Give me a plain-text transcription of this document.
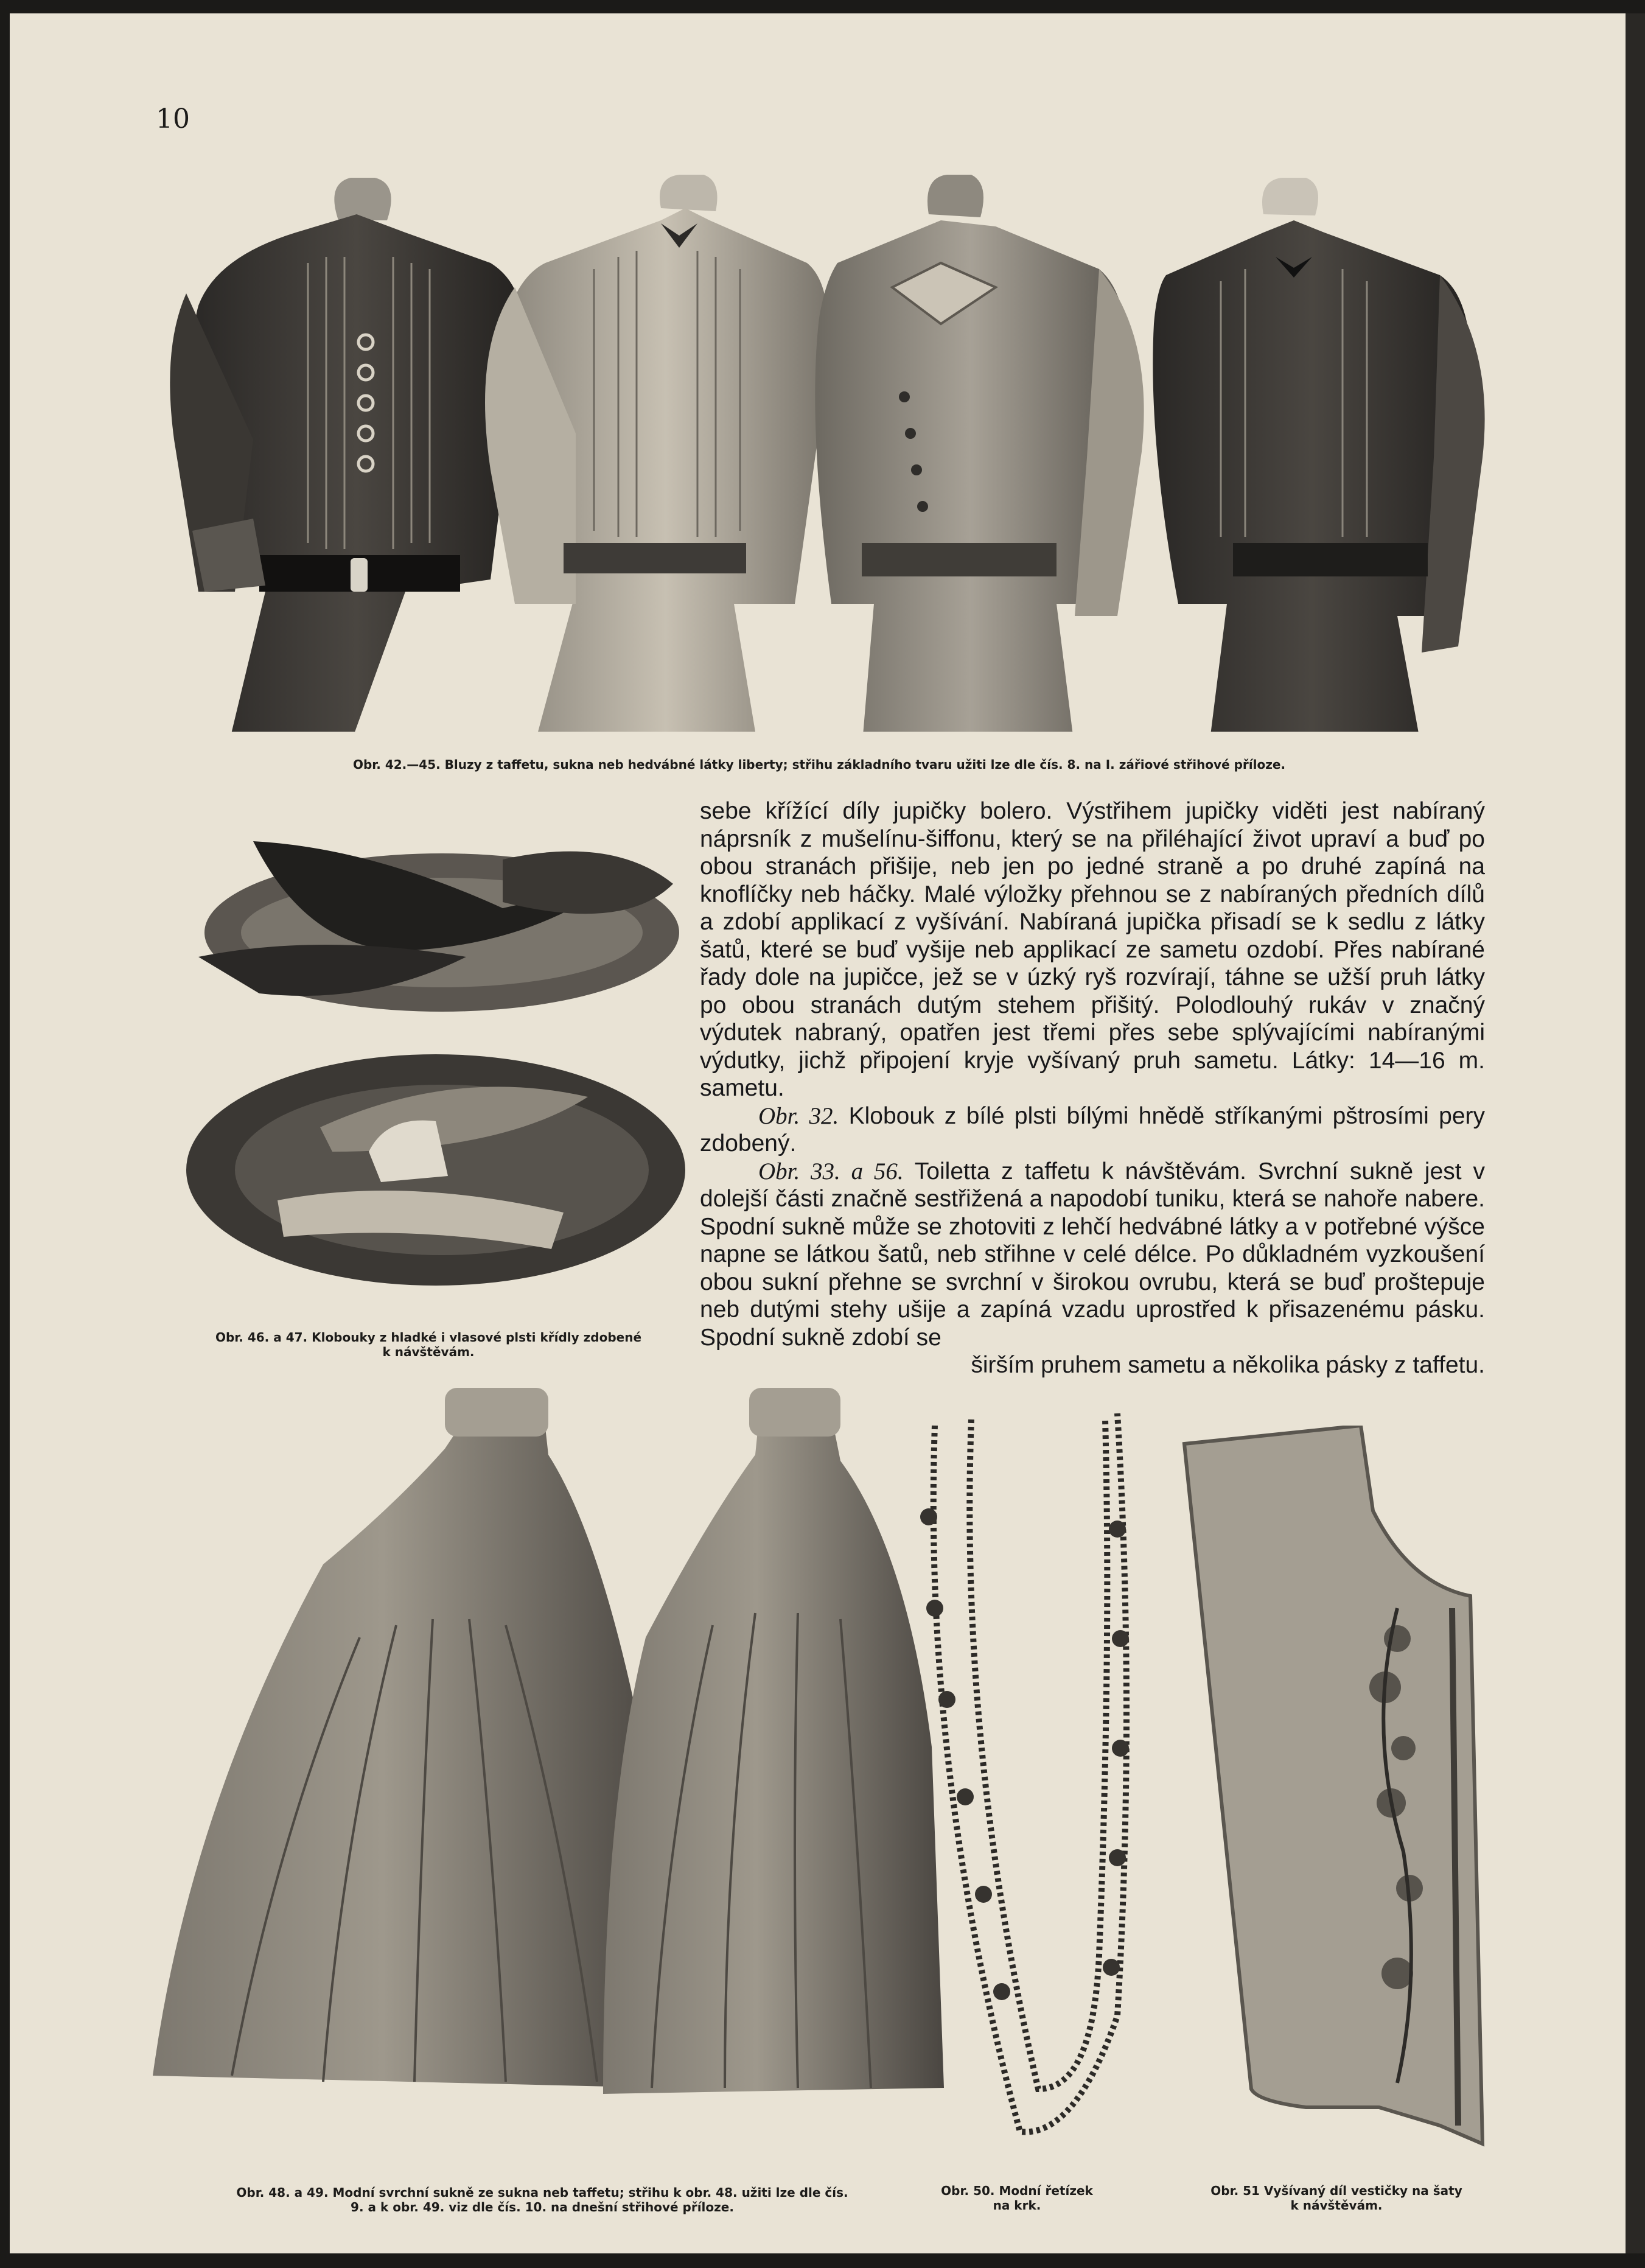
10
Obr. 42.—45. Bluzy z taffetu, sukna neb hedvábné látky liberty; střihu základního tvaru užiti lze dle čís. 8. na I. zářiové střihové příloze.
Obr. 46. a 47. Klobouky z hladké i vlasové plsti křídly zdobené
k návštěvám.

sebe křížící díly jupičky bolero. Výstřihem jupičky viděti jest nabíraný náprsník z mušelínu-šiffonu, který se na přiléhající život upraví a buď po obou stranách přišije, neb jen po jedné straně a po druhé zapíná na knoflíčky neb háčky. Malé výložky přehnou se z nabíraných předních dílů a zdobí applikací z vyšívání. Nabíraná jupička přisadí se k sedlu z látky šatů, které se buď vyšije neb applikací ze sametu ozdobí. Přes nabírané řady dole na jupičce, jež se v úzký ryš rozvírají, táhne se užší pruh látky po obou stranách dutým stehem přišitý. Polodlouhý rukáv v značný výdutek nabraný, opatřen jest třemi přes sebe splývajícími nabíranými výdutky, jichž připojení kryje vyšívaný pruh sametu. Látky: 14—16 m. sametu.

Obr. 32. Klobouk z bílé plsti bílými hnědě stříkanými pštrosími pery zdobený.

Obr. 33. a 56. Toiletta z taffetu k návštěvám. Svrchní sukně jest v dolejší části značně sestřižená a napodobí tuniku, která se nahoře nabere. Spodní sukně může se zhotoviti z lehčí hedvábné látky a v potřebné výšce napne se látkou šatů, neb střihne v celé délce. Po důkladném vyzkoušení obou sukní přehne se svrchní v širokou ovrubu, která se buď proštepuje neb dutými stehy ušije a zapíná vzadu uprostřed k přisazenému pásku. Spodní sukně zdobí se

širším pruhem sametu a několika pásky z taffetu.

Obr. 48. a 49. Modní svrchní sukně ze sukna neb taffetu; střihu k obr. 48. užiti lze dle čís.
9. a k obr. 49. viz dle čís. 10. na dnešní střihové příloze.
Obr. 50. Modní řetízek
na krk.
Obr. 51 Vyšívaný díl vestičky na šaty
k návštěvám.
